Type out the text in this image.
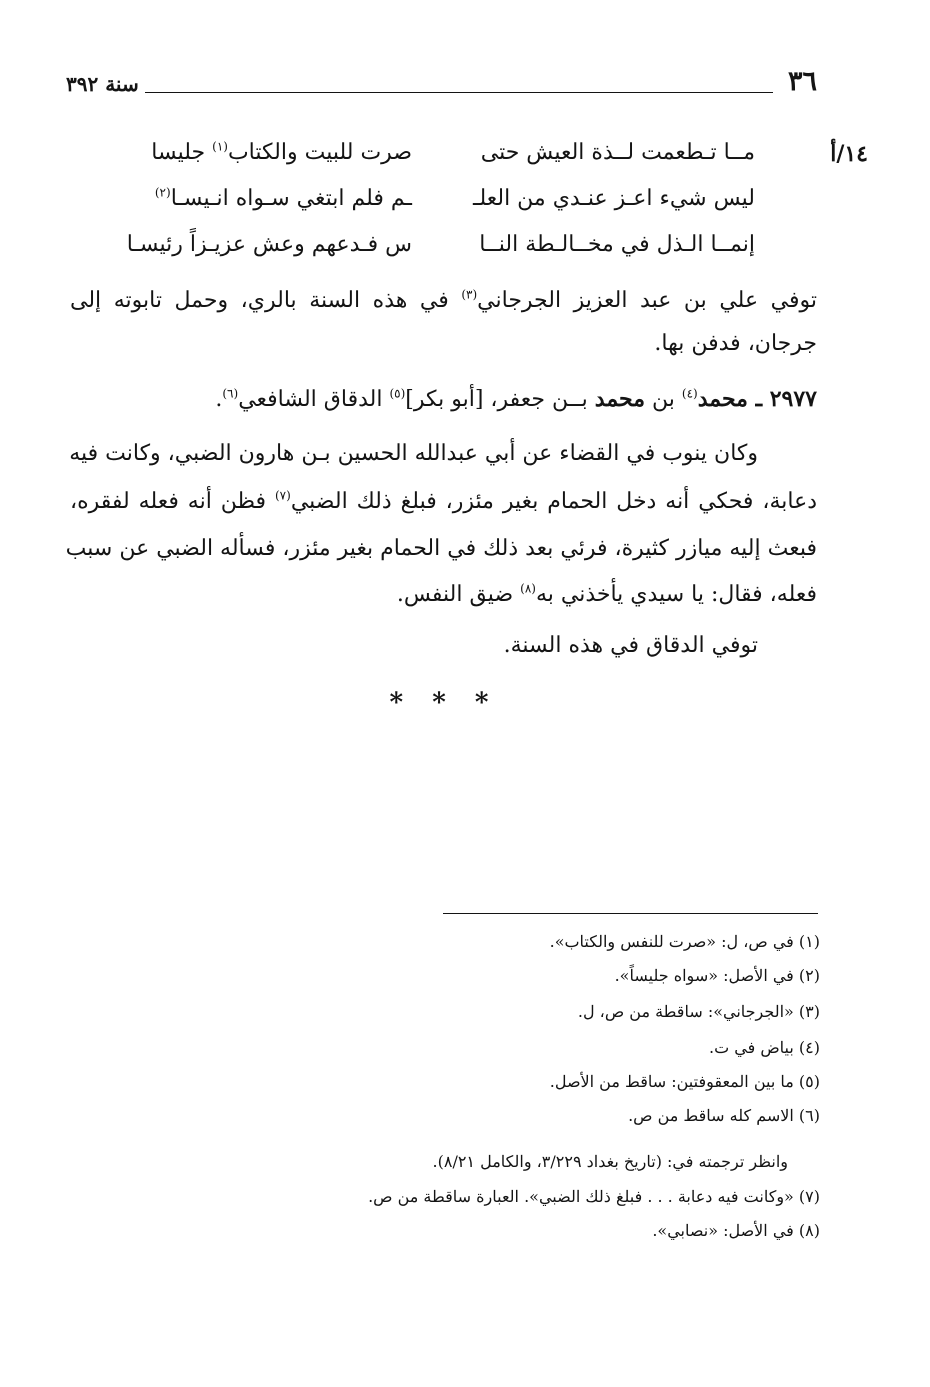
٣٦
سنة ٣٩٢
١٤/أ
مــا تـطعمت لــذة العيش حتى
صرت للبيت والكتاب$^{(١)}$ جليسا
ليس شيء اعـز عنـدي من العلـ
ـم فلم ابتغي سـواه انـيسـا$^{(٢)}$
إنمــا الـذل في مخــالـطة النــا
س فـدعهم وعش عزيـزاً رئيسـا
توفي علي بن عبد العزيز الجرجاني$^{(٣)}$ في هذه السنة بالري، وحمل تابوته إلى
جرجان، فدفن بها.
٢٩٧٧ ـ محمد$^{(٤)}$ بن محمد بــن جعفر، [أبو بكر]$^{(٥)}$ الدقاق الشافعي$^{(٦)}$.
وكان ينوب في القضاء عن أبي عبدالله الحسين بـن هارون الضبي، وكانت فيه
دعابة، فحكي أنه دخل الحمام بغير مئزر، فبلغ ذلك الضبي$^{(٧)}$ فظن أنه فعله لفقره،
فبعث إليه ميازر كثيرة، فرئي بعد ذلك في الحمام بغير مئزر، فسأله الضبي عن سبب
فعله، فقال: يا سيدي يأخذني به$^{(٨)}$ ضيق النفس.
توفي الدقاق في هذه السنة.
* * *
(١) في ص، ل: «صرت للنفس والكتاب».
(٢) في الأصل: «سواه جليساً».
(٣) «الجرجاني»: ساقطة من ص، ل.
(٤) بياض في ت.
(٥) ما بين المعقوفتين: ساقط من الأصل.
(٦) الاسم كله ساقط من ص.
وانظر ترجمته في: (تاريخ بغداد ٣/٢٢٩، والكامل ٨/٢١).
(٧) «وكانت فيه دعابة . . . فبلغ ذلك الضبي». العبارة ساقطة من ص.
(٨) في الأصل: «نصابي».
